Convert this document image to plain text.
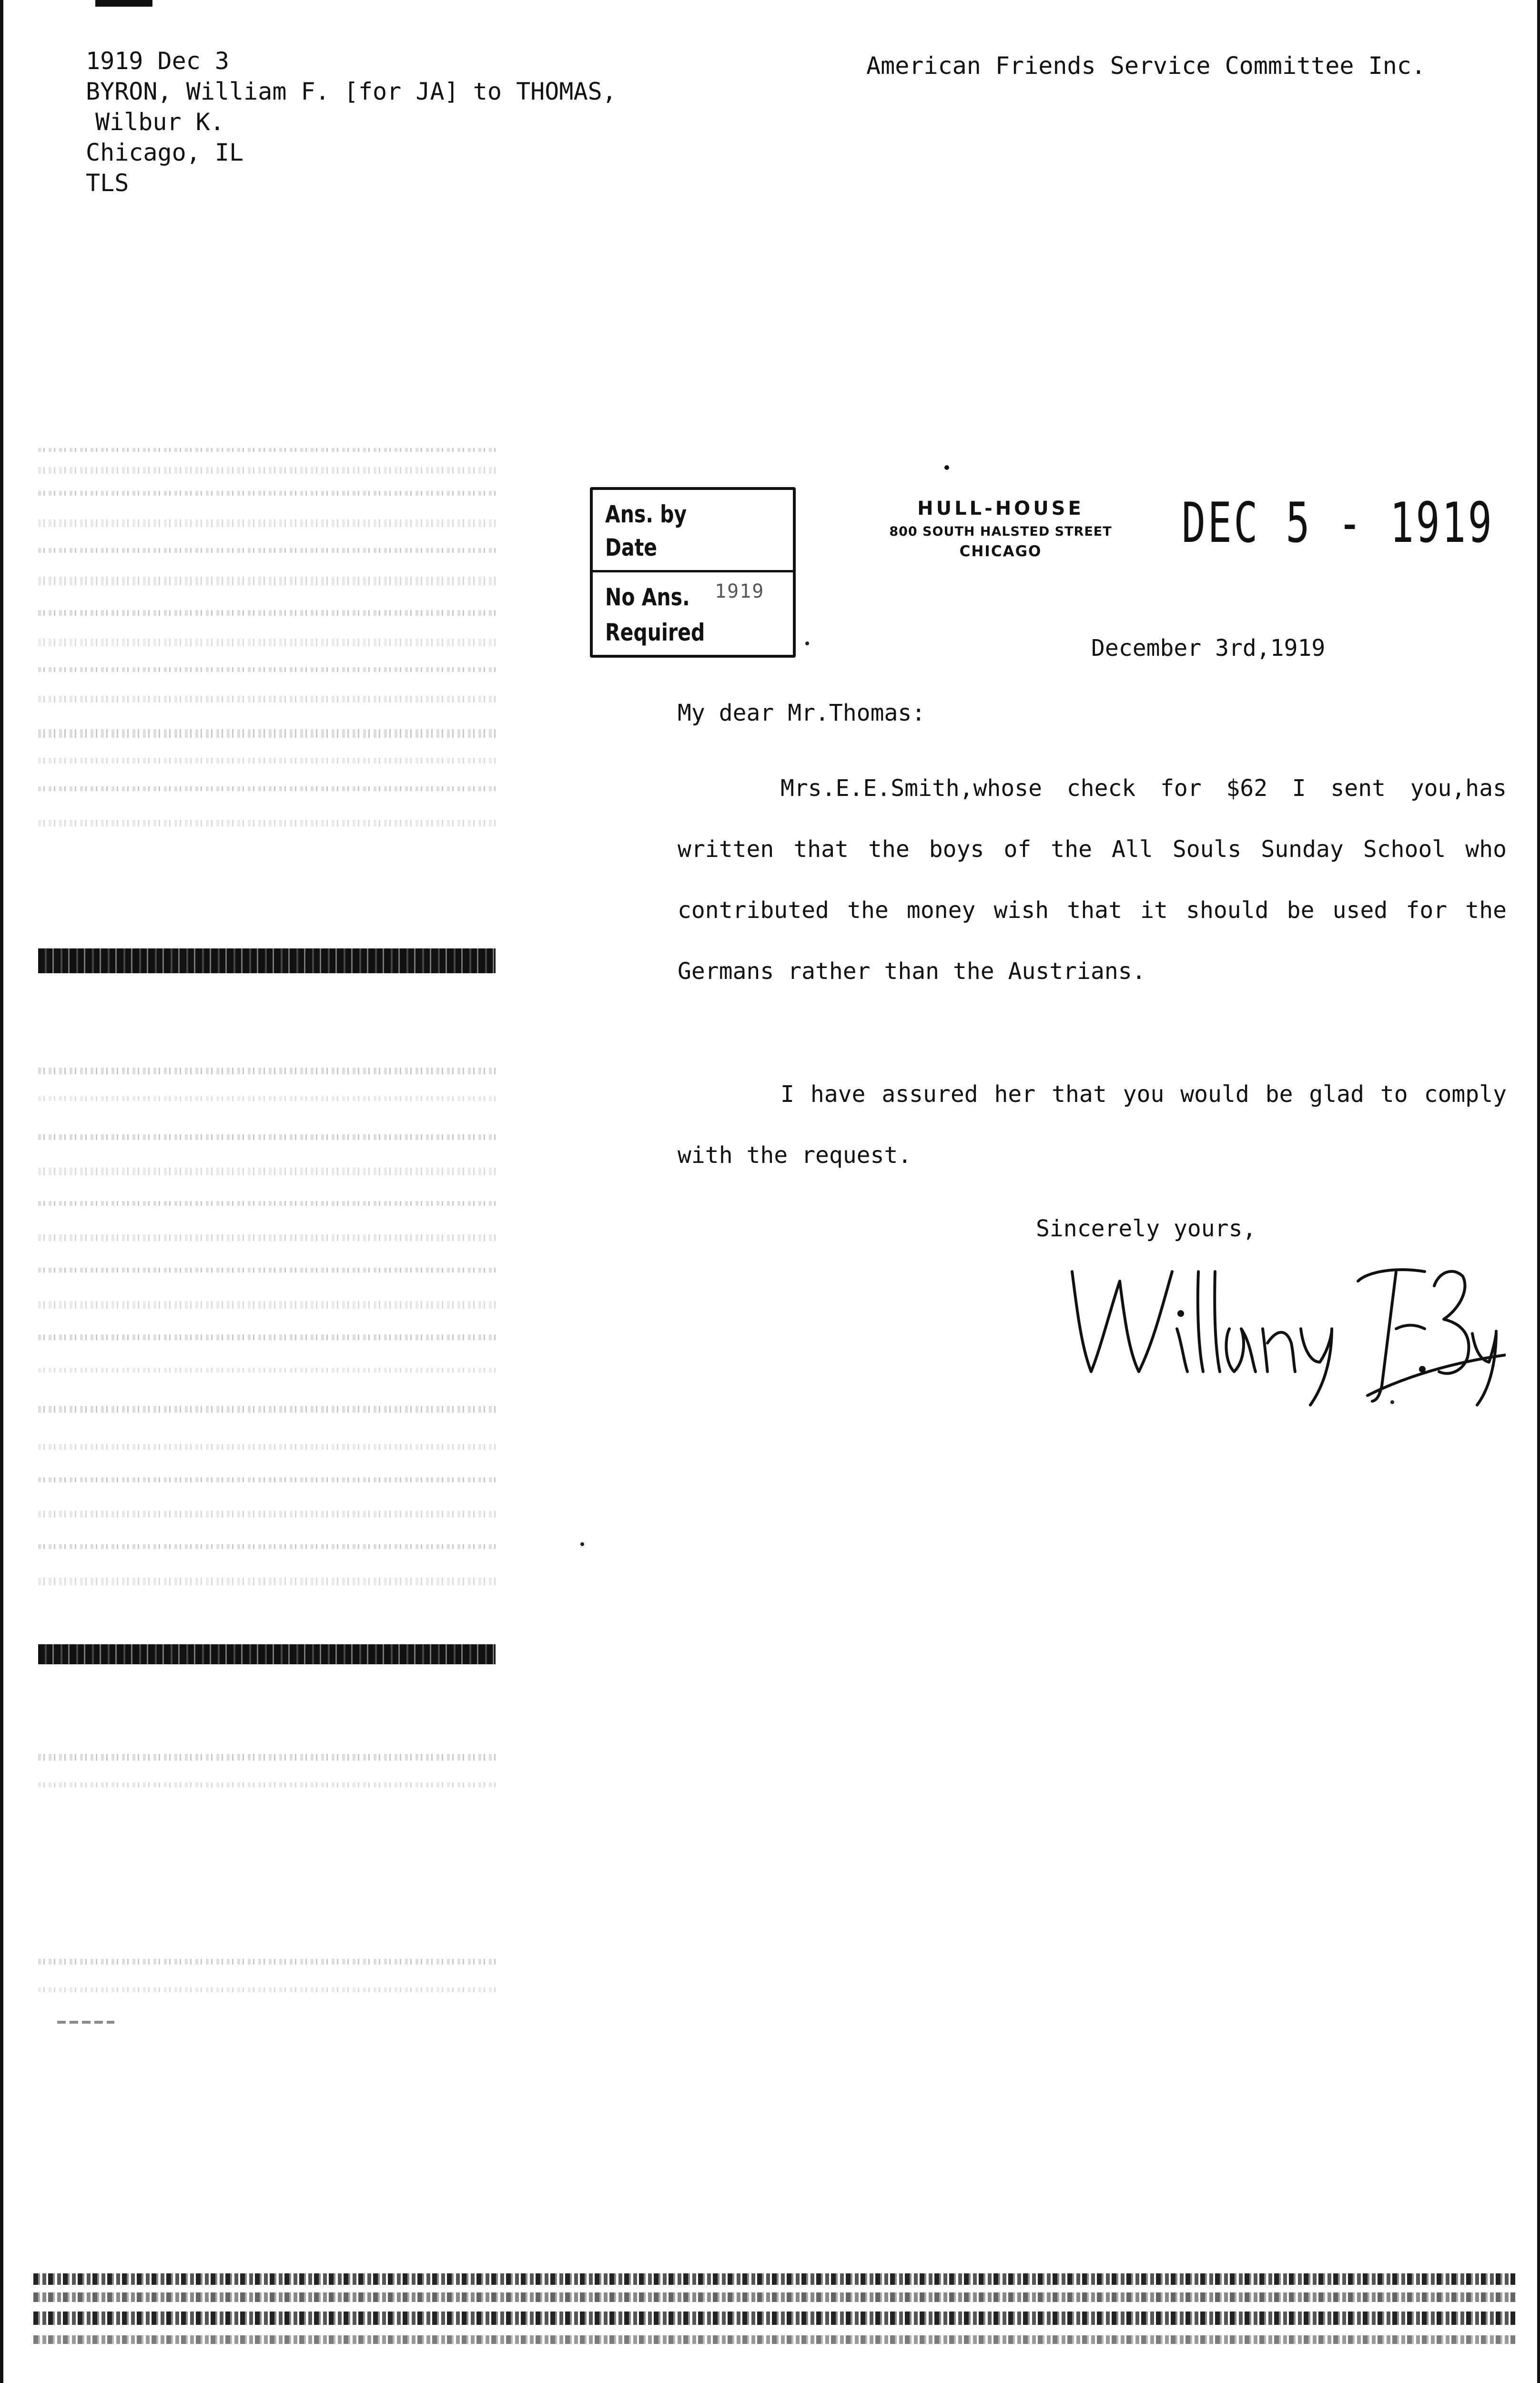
1919 Dec 3
BYRON, William F. [for JA] to THOMAS,
Wilbur K.
Chicago, IL
TLS
American Friends Service Committee Inc.
Ans. by
Date
1919
No Ans.
Required
HULL-HOUSE
800 SOUTH HALSTED STREET
CHICAGO	DEC 5 - 1919
December 3rd,1919
My dear Mr.Thomas:
Mrs.E.E.Smith,whose check for $62 I sent you,has written that the boys of the All Souls Sunday School who contributed the money wish that it should be used for the Germans rather than the Austrians.
I have assured her that you would be glad to comply with the request.
Sincerely yours,
